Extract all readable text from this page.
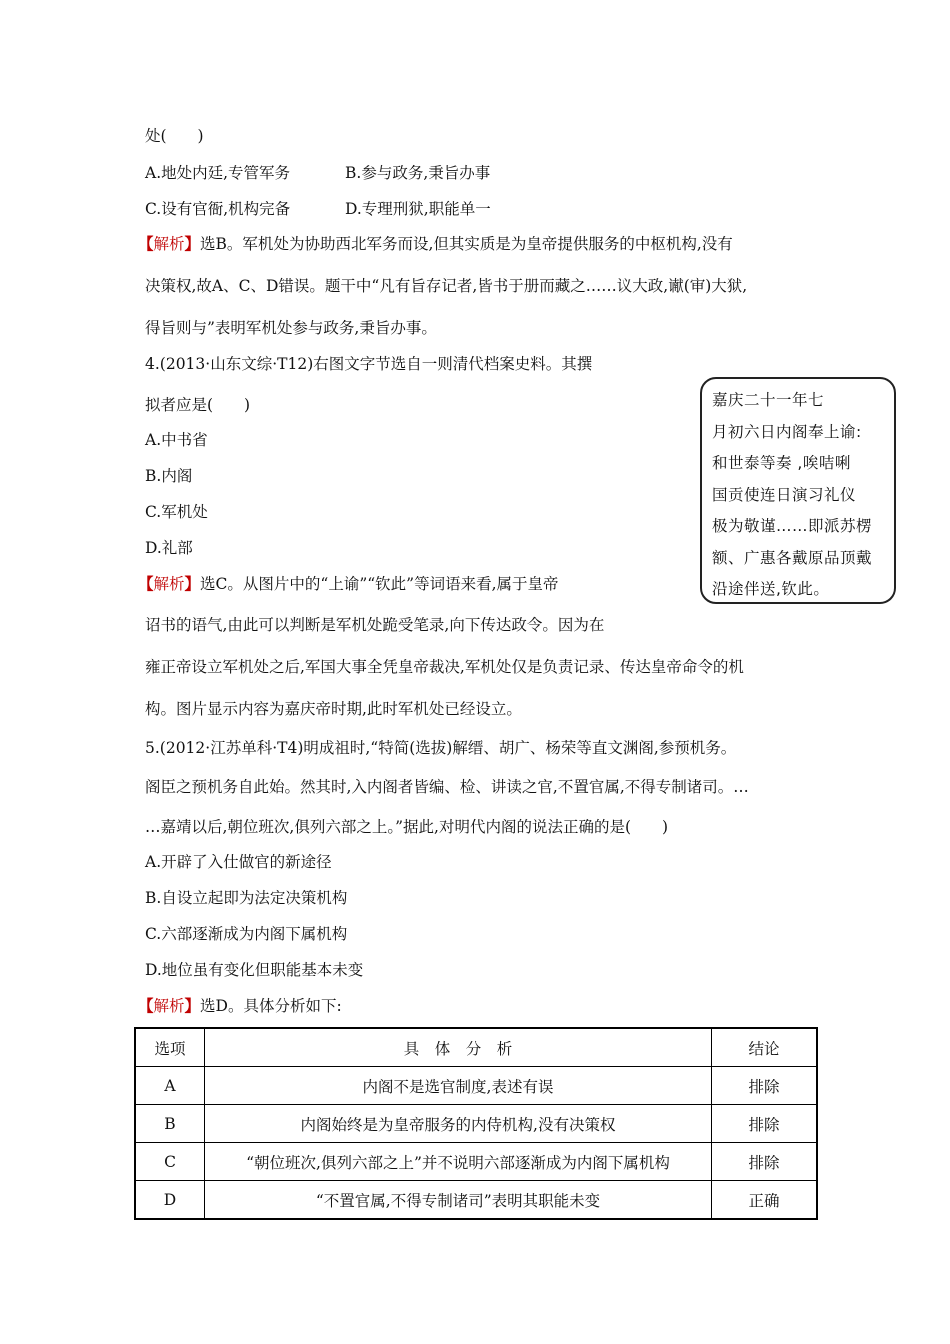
处(　　)
A.地处内廷,专管军务	B.参与政务,秉旨办事
C.设有官衙,机构完备	D.专理刑狱,职能单一
【解析】选B。军机处为协助西北军务而设,但其实质是为皇帝提供服务的中枢机构,没有
决策权,故A、C、D错误。题干中“凡有旨存记者,皆书于册而藏之……议大政,谳(审)大狱,
得旨则与”表明军机处参与政务,秉旨办事。
4.(2013·山东文综·T12)右图文字节选自一则清代档案史料。其撰
拟者应是(　　)
A.中书省
B.内阁
C.军机处
D.礼部
【解析】选C。从图片中的“上谕”“钦此”等词语来看,属于皇帝
诏书的语气,由此可以判断是军机处跪受笔录,向下传达政令。因为在
雍正帝设立军机处之后,军国大事全凭皇帝裁决,军机处仅是负责记录、传达皇帝命令的机
构。图片显示内容为嘉庆帝时期,此时军机处已经设立。
嘉庆二十一年七
月初六日内阁奉上谕:
和世泰等奏 ,唉咭唎
国贡使连日演习礼仪
极为敬谨……即派苏楞
额、广惠各戴原品顶戴
沿途伴送,钦此。
5.(2012·江苏单科·T4)明成祖时,“特简(选拔)解缙、胡广、杨荣等直文渊阁,参预机务。
阁臣之预机务自此始。然其时,入内阁者皆编、检、讲读之官,不置官属,不得专制诸司。…
…嘉靖以后,朝位班次,俱列六部之上。”据此,对明代内阁的说法正确的是(　　)
A.开辟了入仕做官的新途径
B.自设立起即为法定决策机构
C.六部逐渐成为内阁下属机构
D.地位虽有变化但职能基本未变
【解析】选D。具体分析如下:
选项	具　体　分　析	结论
A	内阁不是选官制度,表述有误	排除
B	内阁始终是为皇帝服务的内侍机构,没有决策权	排除
C	“朝位班次,俱列六部之上”并不说明六部逐渐成为内阁下属机构	排除
D	“不置官属,不得专制诸司”表明其职能未变	正确
